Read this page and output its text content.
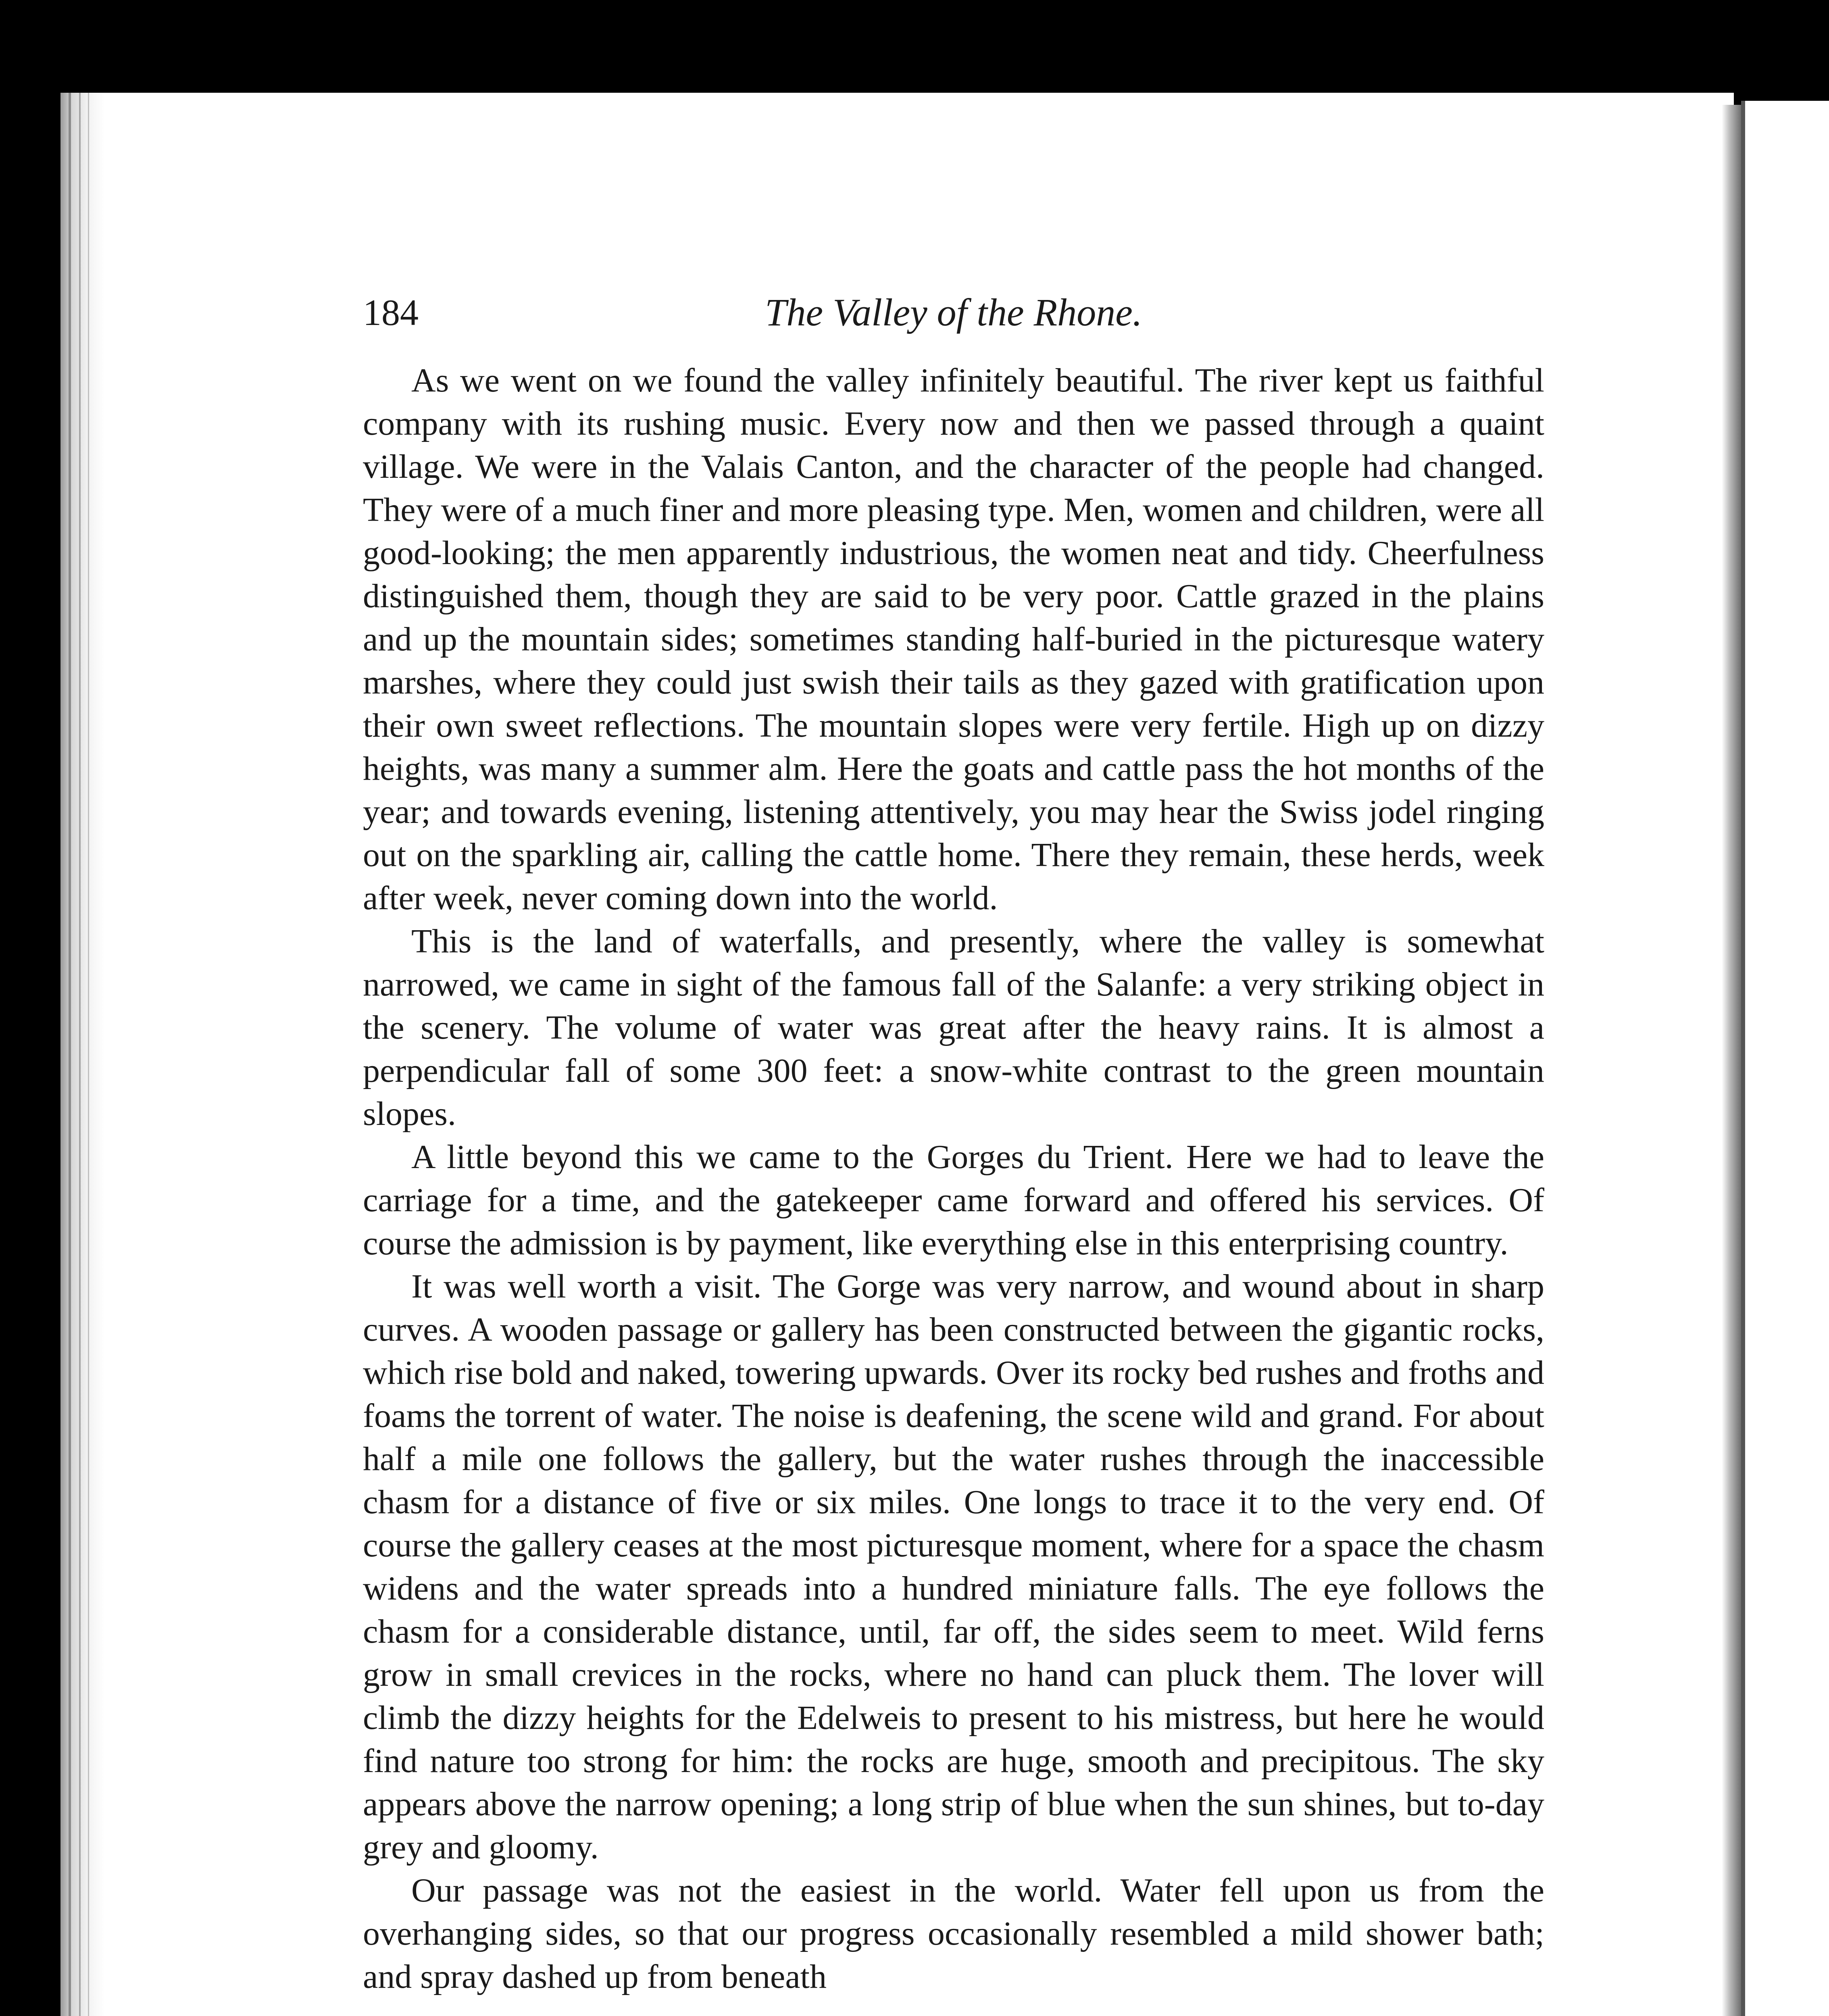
184	The Valley of the Rhone.

As we went on we found the valley infinitely beautiful. The river kept us faithful company with its rushing music. Every now and then we passed through a quaint village. We were in the Valais Canton, and the character of the people had changed. They were of a much finer and more pleasing type. Men, women and children, were all good-looking; the men apparently industrious, the women neat and tidy. Cheerfulness distinguished them, though they are said to be very poor. Cattle grazed in the plains and up the mountain sides; sometimes standing half-buried in the picturesque watery marshes, where they could just swish their tails as they gazed with gratification upon their own sweet reflections. The mountain slopes were very fertile. High up on dizzy heights, was many a summer alm. Here the goats and cattle pass the hot months of the year; and towards evening, listening attentively, you may hear the Swiss jodel ringing out on the sparkling air, calling the cattle home. There they remain, these herds, week after week, never coming down into the world.

This is the land of waterfalls, and presently, where the valley is somewhat narrowed, we came in sight of the famous fall of the Salanfe: a very striking object in the scenery. The volume of water was great after the heavy rains. It is almost a perpendicular fall of some 300 feet: a snow-white contrast to the green mountain slopes.

A little beyond this we came to the Gorges du Trient. Here we had to leave the carriage for a time, and the gatekeeper came forward and offered his services. Of course the admission is by payment, like everything else in this enterprising country.

It was well worth a visit. The Gorge was very narrow, and wound about in sharp curves. A wooden passage or gallery has been constructed between the gigantic rocks, which rise bold and naked, towering upwards. Over its rocky bed rushes and froths and foams the torrent of water. The noise is deafening, the scene wild and grand. For about half a mile one follows the gallery, but the water rushes through the inaccessible chasm for a distance of five or six miles. One longs to trace it to the very end. Of course the gallery ceases at the most picturesque moment, where for a space the chasm widens and the water spreads into a hundred miniature falls. The eye follows the chasm for a considerable distance, until, far off, the sides seem to meet. Wild ferns grow in small crevices in the rocks, where no hand can pluck them. The lover will climb the dizzy heights for the Edelweis to present to his mistress, but here he would find nature too strong for him: the rocks are huge, smooth and precipitous. The sky appears above the narrow opening; a long strip of blue when the sun shines, but to-day grey and gloomy.

Our passage was not the easiest in the world. Water fell upon us from the overhanging sides, so that our progress occasionally resembled a mild shower bath; and spray dashed up from beneath
